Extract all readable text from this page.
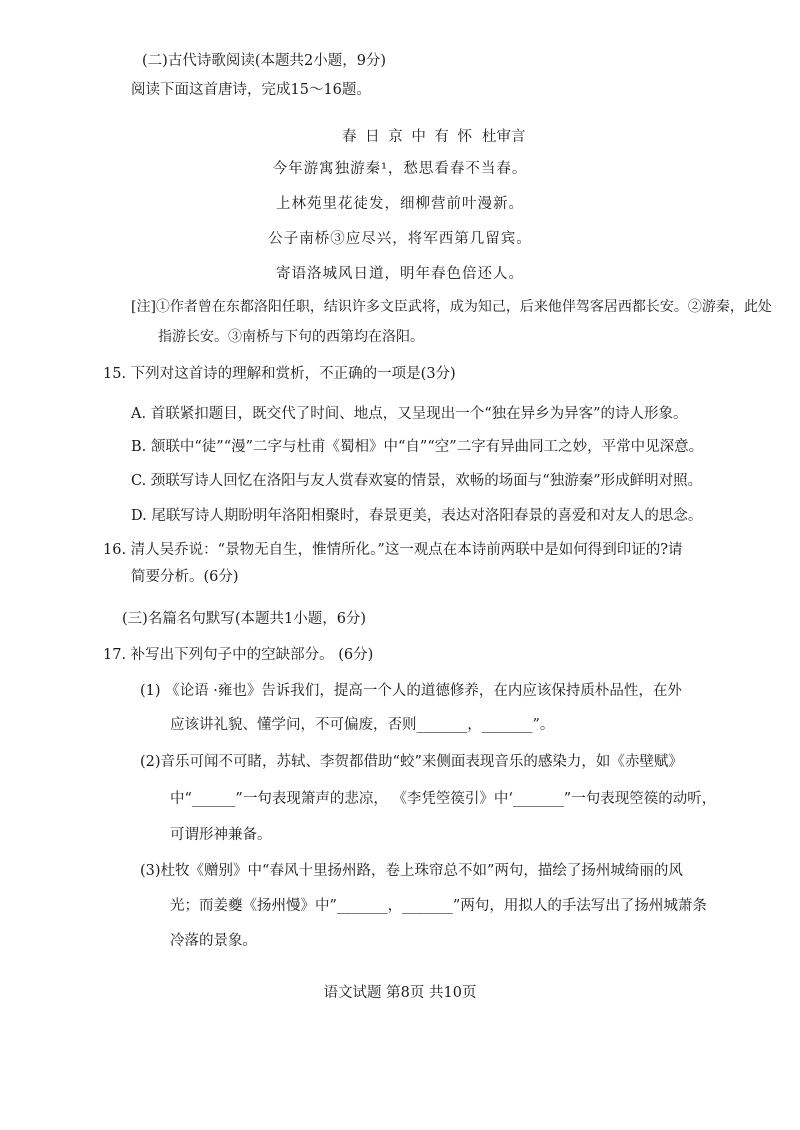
(二)古代诗歌阅读(本题共2小题，9分)
阅读下面这首唐诗，完成15～16题。
春 日 京 中 有 怀 杜审言
今年游寓独游秦¹，愁思看春不当春。
上林苑里花徒发，细柳营前叶漫新。
公子南桥③应尽兴，将军西第几留宾。
寄语洛城风日道，明年春色倍还人。
[注]①作者曾在东都洛阳任职，结识许多文臣武将，成为知己，后来他伴驾客居西都长安。②游秦，此处
指游长安。③南桥与下句的西第均在洛阳。
15. 下列对这首诗的理解和赏析，不正确的一项是(3分)
A. 首联紧扣题目，既交代了时间、地点，又呈现出一个“独在异乡为异客”的诗人形象。
B. 颔联中“徒”“漫”二字与杜甫《蜀相》中“自”“空”二字有异曲同工之妙，平常中见深意。
C. 颈联写诗人回忆在洛阳与友人赏春欢宴的情景，欢畅的场面与“独游秦”形成鲜明对照。
D. 尾联写诗人期盼明年洛阳相聚时，春景更美，表达对洛阳春景的喜爱和对友人的思念。
16. 清人吴乔说：“景物无自生，惟情所化。”这一观点在本诗前两联中是如何得到印证的?请
简要分析。(6分)
(三)名篇名句默写(本题共1小题，6分)
17. 补写出下列句子中的空缺部分。 (6分)
(1) 《论语 ·雍也》告诉我们，提高一个人的道德修养，在内应该保持质朴品性，在外
应该讲礼貌、懂学问，不可偏废，否则_______，_______”。
(2)音乐可闻不可睹，苏轼、李贺都借助“蛟”来侧面表现音乐的感染力，如《赤壁赋》
中“______”一句表现箫声的悲凉， 《李凭箜篌引》中‘_______”一句表现箜篌的动听，
可谓形神兼备。
(3)杜牧《赠别》中“春风十里扬州路，卷上珠帘总不如”两句，描绘了扬州城绮丽的风
光；而姜夔《扬州慢》中”_______，_______”两句，用拟人的手法写出了扬州城萧条
冷落的景象。
语文试题 第8页 共10页
